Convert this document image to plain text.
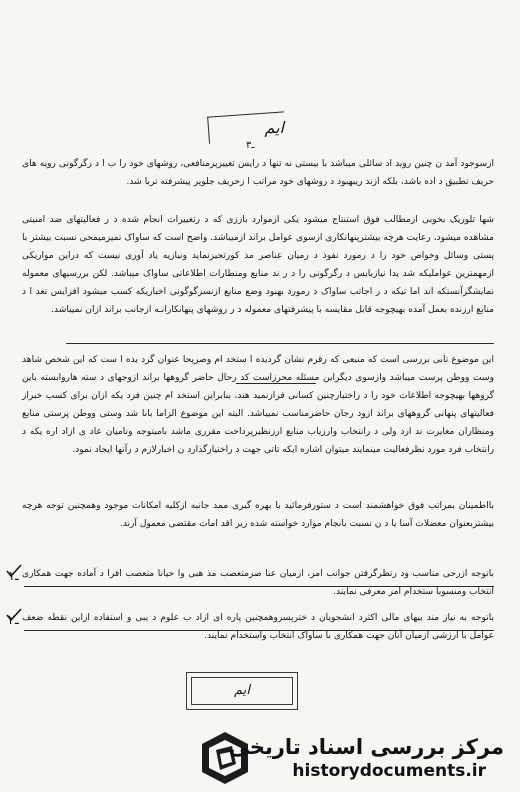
ایم
۳ـ

ازسوجود آمد ن چنین روید اد سائلی میباشد با بیستی نه تنها د رایس تغییرپرمنافعی، روشهای خود را ب ا د رگرگونی رویه های حریف تطبیق د اده باشد، بلکه ازند ریبهبود د روشهای خود مراتب ا زحریف جلوپر پیشرفته تربا شد.

شها تلوریک بخوبی ازمطالب فوق استنتاج میشود یکی ازموارد بارزی که د رتغییرات انجام شده د ر فعالیتهای ضد امنیتی مشاهده میشود، رعایت هرچه بیشترپنهانکاری ازسوی عوامل براند ازمیباشد. واضح است که ساواک تمیزمیمحی نسبت بیشتر با پستی وسائل وخواص خود را د رمورد نفوذ د رمیان عناصر مذ کورتجیزنماید ونیازیه یاد آوری نیست که دراین مواریکی ازمهمترین عواملیکه شد یدا نیازبایس د رگرگونی را د ر ند منابع ومنطارات اطلاعاتی ساواک میباشد. لکن بررسیهای معموله نمایشگرآنستکه اند اما تیکه د ر اجاتب ساواک د رمورد بهبود وضع منابع ازنسرگوگونی اخباریکه کسب میشود افزایس تعد ا د منابع ارزنده بعمل آمده بهیچوجه قابل مقایسه با پیشرفتهای معموله د ر روشهای پنهانکارانـه ازجانب براند ازان نمیباشد.

این موضوع تابی بررسی است که منبعی که رقرم نشان گردیده ا ستخد ام وصرپحا عنوان گرد یده ا ست که این شخص شاهد وست ووطن پرست میباشد وازسوی دیگراین مسئله محرزاست کد رحال حاضر گروهها براند ازوجهای د سته هاروابسته باین گروهها بهیچوجه اطلاعات خود را د راختیارچنین کسانی قرارنمید هند، بنابراین استخد ام چنین فرد یکه ازان برای کسب خبراز فعالیتهای پنهانی گروههای براند ازود رجان حاضرمناسب نمیباشد. البته این موضوع الزاما بانا شد وستی ووطن پرستی منابع ومنظاران مغایرت ند ارد ولی د رانتخاب وارزیاب منابع ارزنظیرپرداخت مقرری ماشد بامیتوجه ونامیان عاد ی ازاد اره یکه د رانتخاب فرد مورد نظرفعالیت مینمایند میتوان اشاره ایکه تاتی جهت د راختیارگذارد ن اخبارلازم د رآنها ایجاد نمود.

بااطمینان بمراتب فوق خواهشمند است د ستورفرمائید با بهره گیری ممد جانبه ازکلیه امکانات موجود وهمچنین توجه هرچه بیشتربعنوان معضلات آسا یا د ن نسبت بانجام موارد خواسته شده زیر اقد امات مقتضی معمول آرند.

۱ـ باتوجه ازرحی مناسب ود رنظرگرفتن جوانب امر، ازمیان عنا صرمتعصب مذ هبی وا حیانا متعصب افرا د آماده جهت همکاری انتخاب ومنسوبا ستخدام امر معرفی نمایند.
۲ـ باتوجه به نیاز مند بیهای مالی اکثرد انشجویان د خترپسروهمچنین پاره ای ازاد ب علوم د یبی و استفاده ازاین نقطه ضعف عوامل با ارزشی ازمیان آنان جهت همکاری با ساواک انتخاب واستخدام نمایند.
ایم
مرکز بررسی اسناد تاریخی
historydocuments.ir
